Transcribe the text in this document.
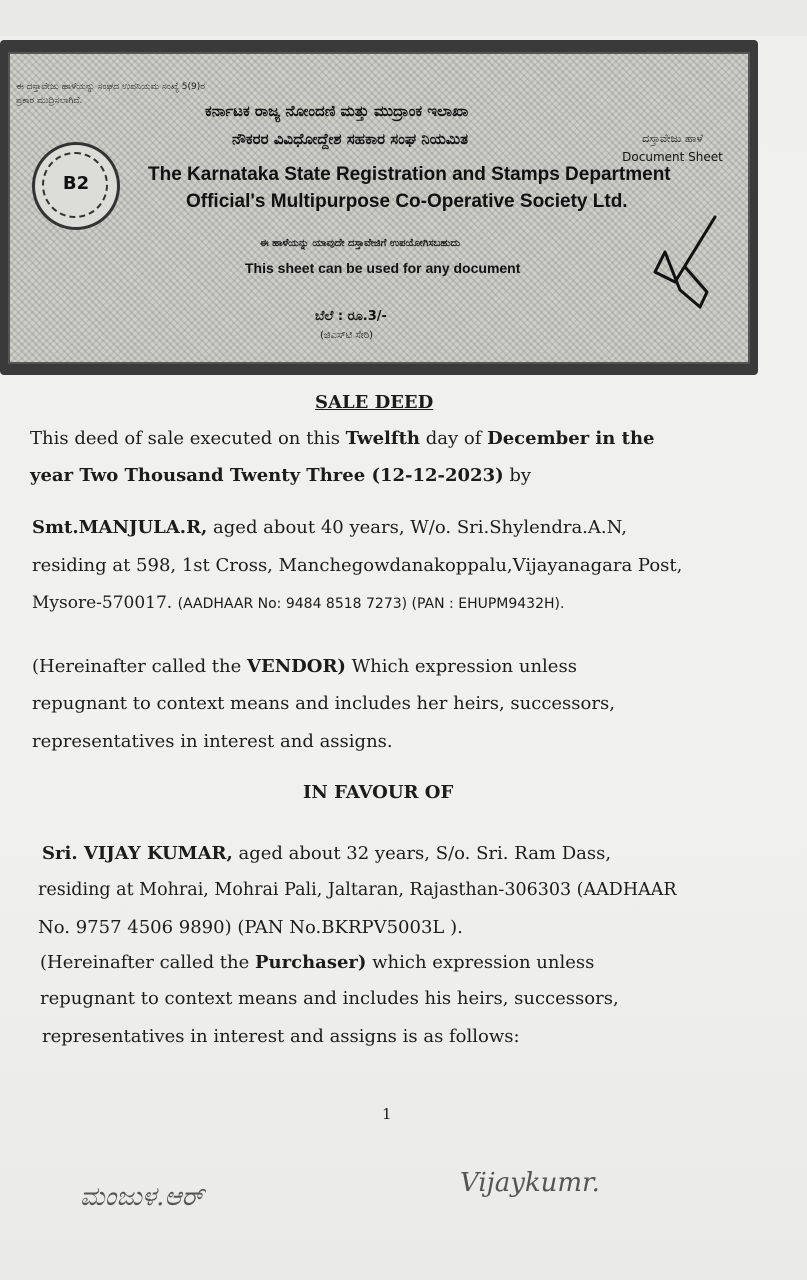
ಈ ದಸ್ತಾವೇಜು ಹಾಳೆಯನ್ನು ಸಂಘದ ಉಪನಿಯಮ ಸಂಖ್ಯೆ 5(9)ರ ಪ್ರಕಾರ ಮುದ್ರಿಸಲಾಗಿದೆ.
ದಸ್ತಾವೇಜು ಹಾಳೆ
Document Sheet
B2
ಕರ್ನಾಟಕ ರಾಜ್ಯ ನೋಂದಣಿ ಮತ್ತು ಮುದ್ರಾಂಕ ಇಲಾಖಾ
ನೌಕರರ ವಿವಿಧೋದ್ದೇಶ ಸಹಕಾರ ಸಂಘ ನಿಯಮಿತ
The Karnataka State Registration and Stamps Department
Official's Multipurpose Co-Operative Society Ltd.
ಈ ಹಾಳೆಯನ್ನು ಯಾವುದೇ ದಸ್ತಾವೇಜಿಗೆ ಉಪಯೋಗಿಸಬಹುದು
This sheet can be used for any document
ಬೆಲೆ : ರೂ.3/-
(ಜಿಎಸ್‌ಟಿ ಸೇರಿ)
SALE DEED
This deed of sale executed on this Twelfth day of December in the
year Two Thousand Twenty Three (12-12-2023) by
Smt.MANJULA.R, aged about 40 years, W/o. Sri.Shylendra.A.N,
residing at 598, 1st Cross, Manchegowdanakoppalu,Vijayanagara Post,
Mysore-570017. (AADHAAR No: 9484 8518 7273) (PAN : EHUPM9432H).
(Hereinafter called the VENDOR) Which expression unless
repugnant to context means and includes her heirs, successors,
representatives in interest and assigns.
IN FAVOUR OF
Sri. VIJAY KUMAR, aged about 32 years, S/o. Sri. Ram Dass,
residing at Mohrai, Mohrai Pali, Jaltaran, Rajasthan-306303 (AADHAAR
No. 9757 4506 9890) (PAN No.BKRPV5003L ).
(Hereinafter called the Purchaser) which expression unless
repugnant to context means and includes his heirs, successors,
representatives in interest and assigns is as follows:
1
ಮಂಜುಳ.ಆರ್	Vijaykumr.
